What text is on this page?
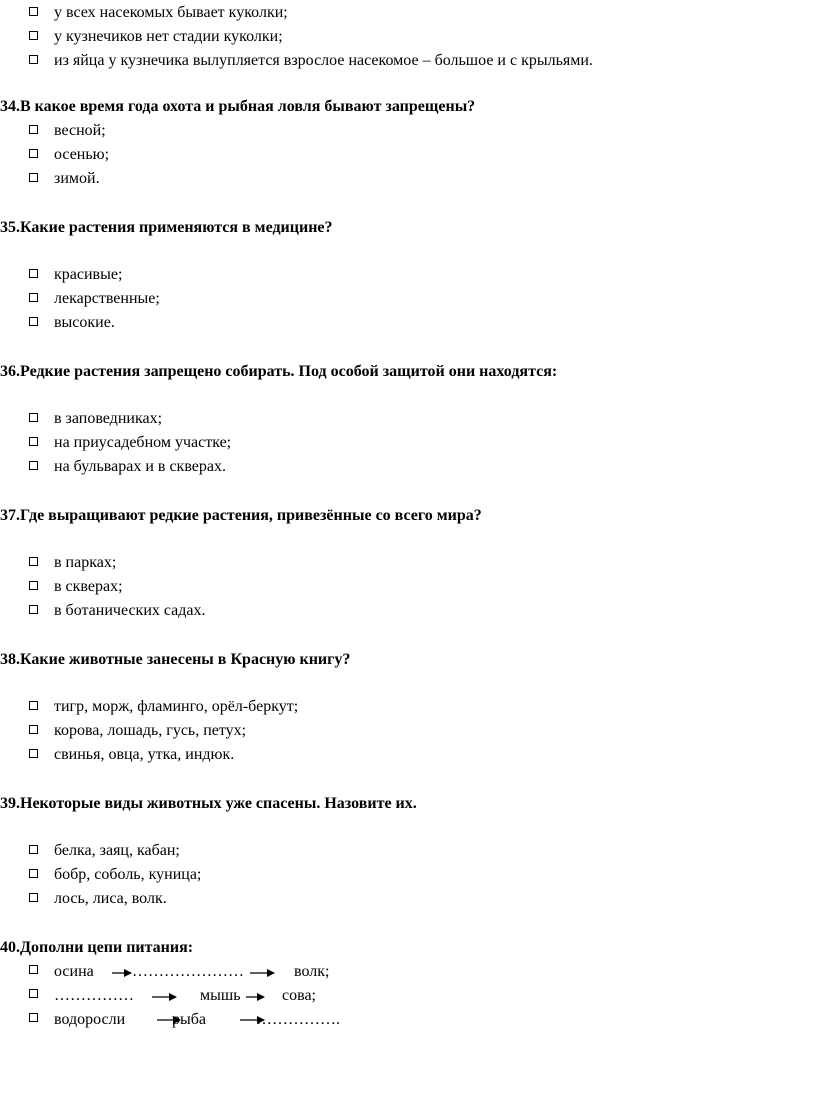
у всех насекомых бывает куколки;
у кузнечиков нет стадии куколки;
из яйца у кузнечика вылупляется взрослое насекомое – большое и с крыльями.
34.В какое время года охота и рыбная ловля бывают запрещены?
весной;
осенью;
зимой.
35.Какие растения применяются в медицине?
красивые;
лекарственные;
высокие.
36.Редкие растения запрещено собирать. Под особой защитой они находятся:
в заповедниках;
на приусадебном участке;
на бульварах и в скверах.
37.Где выращивают редкие растения, привезённые со всего мира?
в парках;
в скверах;
в ботанических садах.
38.Какие животные занесены в Красную книгу?
тигр, морж, фламинго, орёл-беркут;
корова, лошадь, гусь, петух;
свинья, овца, утка, индюк.
39.Некоторые виды животных уже спасены. Назовите их.
белка, заяц, кабан;
бобр, соболь, куница;
лось, лиса, волк.
40.Дополни цепи питания:
осина …………………	волк;
……………	мышь	сова;
водоросли	рыба	…………….
